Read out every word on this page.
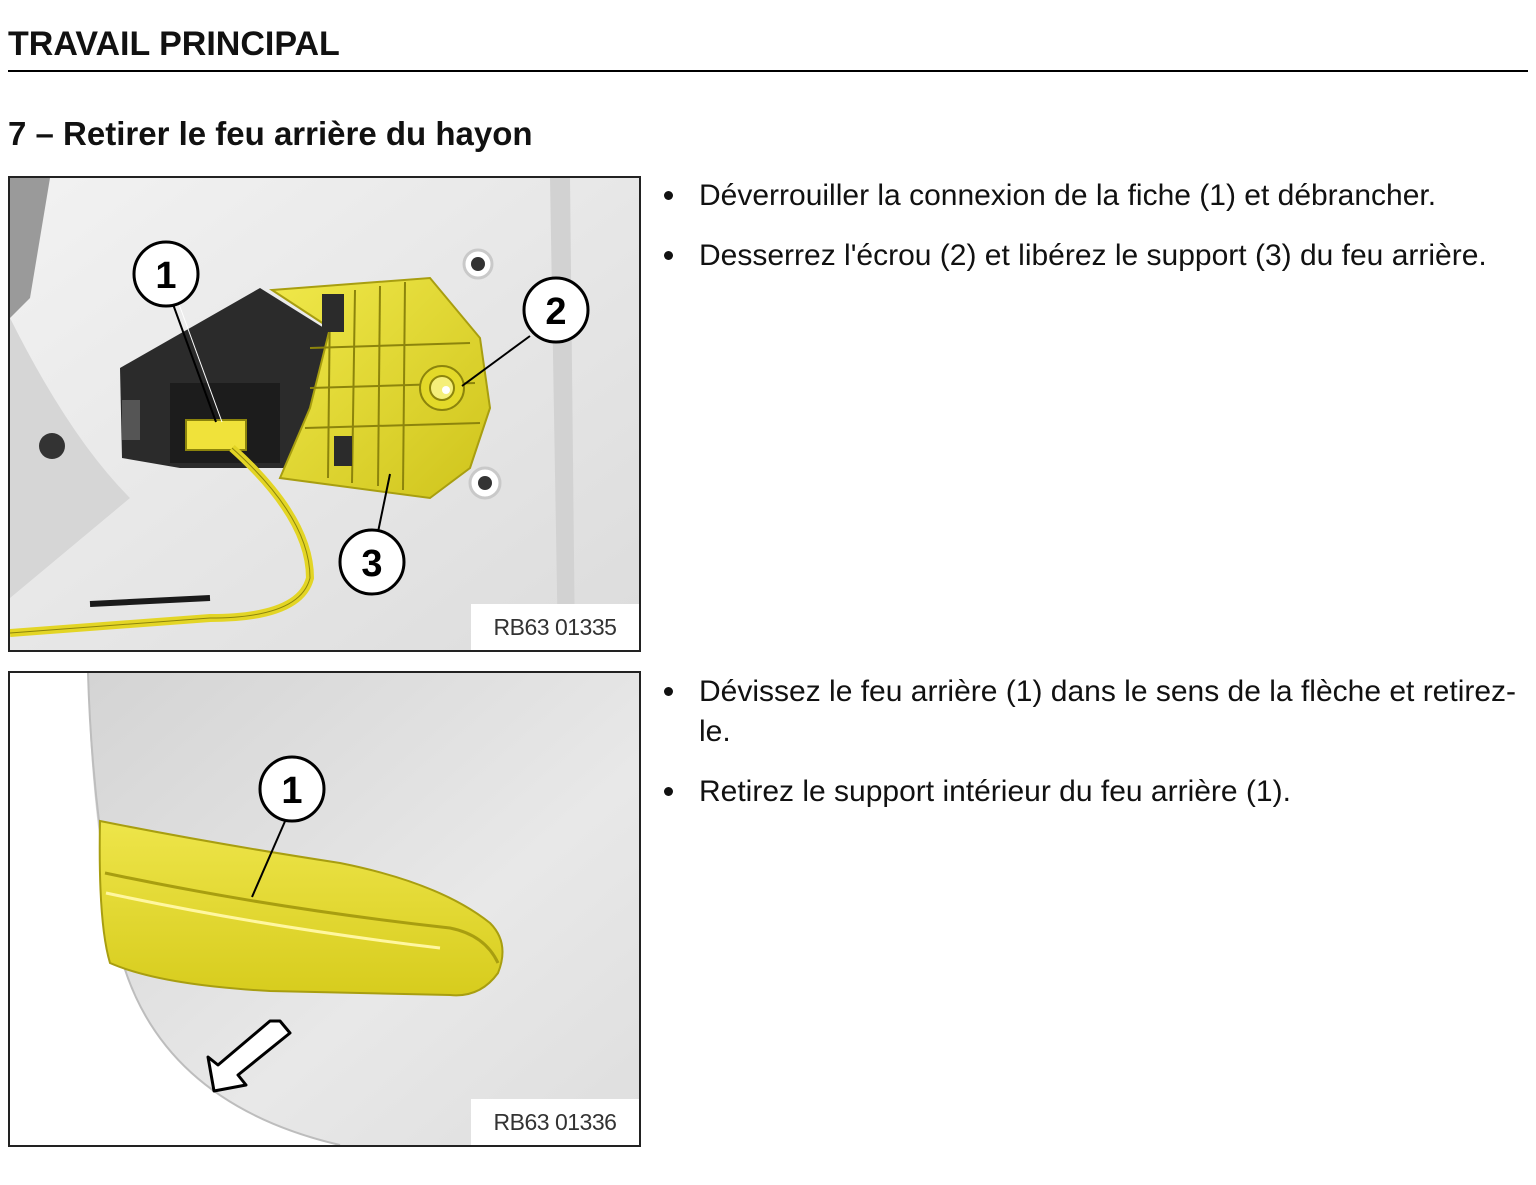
TRAVAIL PRINCIPAL
7 – Retirer le feu arrière du hayon
1
2
3
RB63 01335
1
RB63 01336
Déverrouiller la connexion de la fiche (1) et débrancher.
Desserrez l'écrou (2) et libérez le support (3) du feu arrière.
Dévissez le feu arrière (1) dans le sens de la flèche et retirez-le.
Retirez le support intérieur du feu arrière (1).
